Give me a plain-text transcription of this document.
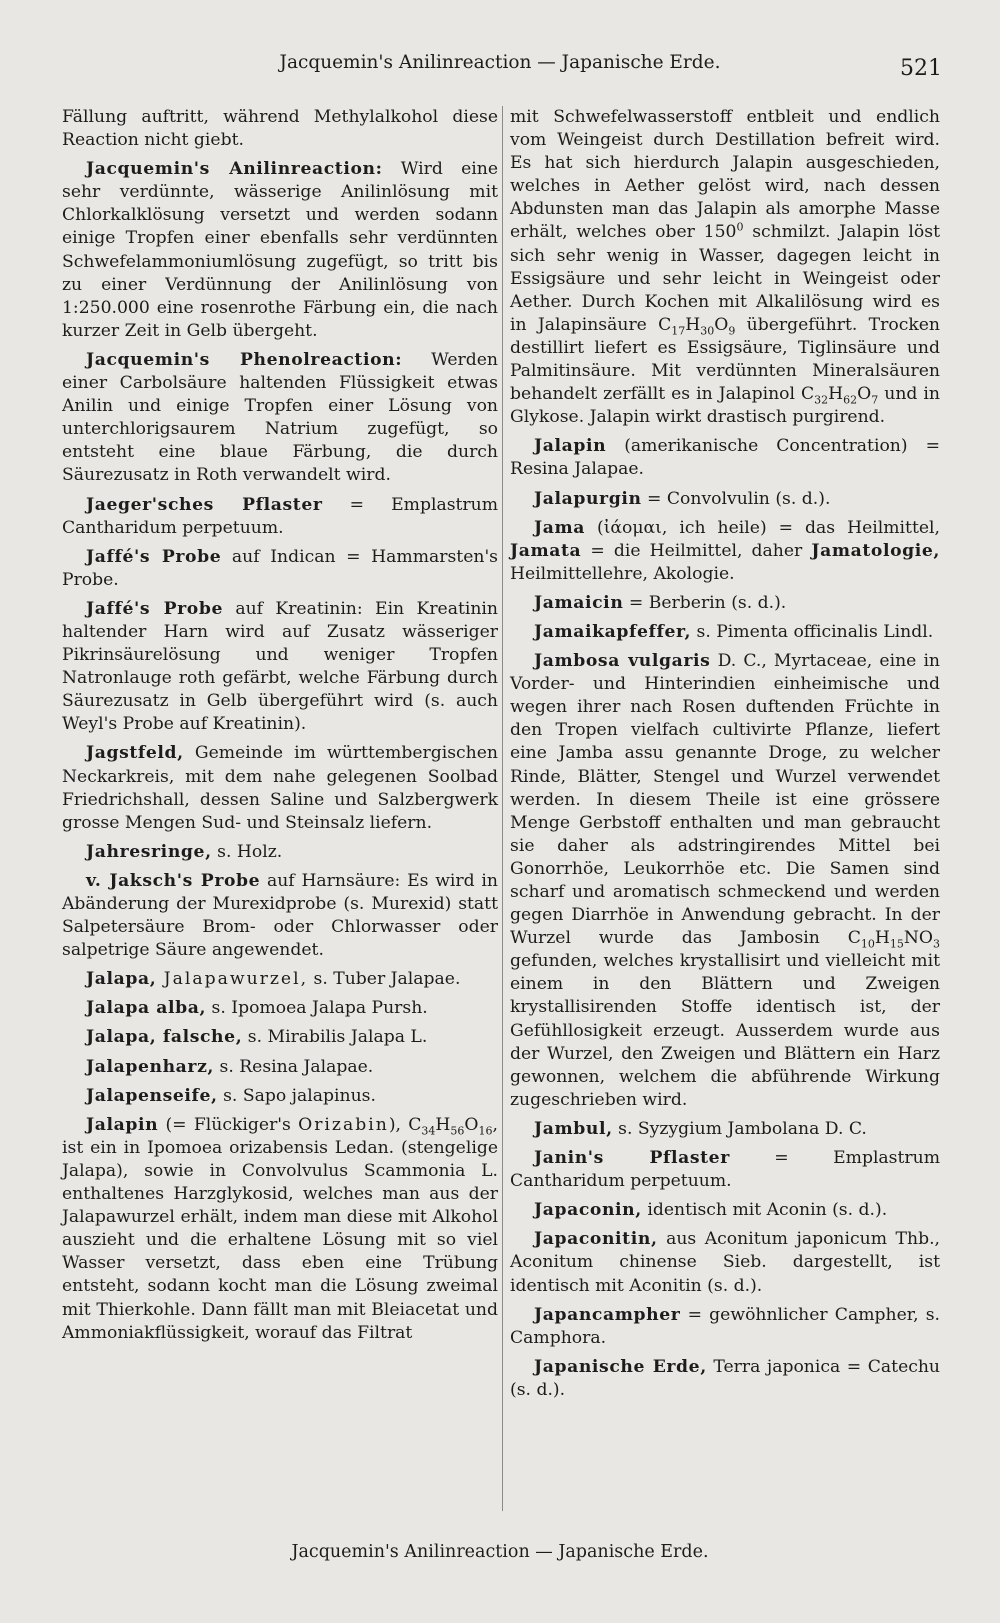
Jacquemin's Anilinreaction — Japanische Erde.	521

Fällung auftritt, während Methylalkohol diese Reaction nicht giebt.

Jacquemin's Anilinreaction: Wird eine sehr verdünnte, wässerige Anilinlösung mit Chlorkalklösung versetzt und werden sodann einige Tropfen einer ebenfalls sehr verdünnten Schwefelammoniumlösung zugefügt, so tritt bis zu einer Verdünnung der Anilinlösung von 1:250.000 eine rosenrothe Färbung ein, die nach kurzer Zeit in Gelb übergeht.

Jacquemin's Phenolreaction: Werden einer Carbolsäure haltenden Flüssigkeit etwas Anilin und einige Tropfen einer Lösung von unterchlorigsaurem Natrium zugefügt, so entsteht eine blaue Färbung, die durch Säurezusatz in Roth verwandelt wird.

Jaeger'sches Pflaster = Emplastrum Cantharidum perpetuum.

Jaffé's Probe auf Indican = Hammarsten's Probe.

Jaffé's Probe auf Kreatinin: Ein Kreatinin haltender Harn wird auf Zusatz wässeriger Pikrinsäurelösung und weniger Tropfen Natronlauge roth gefärbt, welche Färbung durch Säurezusatz in Gelb übergeführt wird (s. auch Weyl's Probe auf Kreatinin).

Jagstfeld, Gemeinde im württembergischen Neckarkreis, mit dem nahe gelegenen Soolbad Friedrichshall, dessen Saline und Salzbergwerk grosse Mengen Sud- und Steinsalz liefern.

Jahresringe, s. Holz.

v. Jaksch's Probe auf Harnsäure: Es wird in Abänderung der Murexidprobe (s. Murexid) statt Salpetersäure Brom- oder Chlorwasser oder salpetrige Säure angewendet.

Jalapa, Jalapawurzel, s. Tuber Jalapae.

Jalapa alba, s. Ipomoea Jalapa Pursh.

Jalapa, falsche, s. Mirabilis Jalapa L.

Jalapenharz, s. Resina Jalapae.

Jalapenseife, s. Sapo jalapinus.

Jalapin (= Flückiger's Orizabin), $C_{34}H_{56}O_{16}$, ist ein in Ipomoea orizabensis Ledan. (stengelige Jalapa), sowie in Convolvulus Scammonia L. enthaltenes Harzglykosid, welches man aus der Jalapawurzel erhält, indem man diese mit Alkohol auszieht und die erhaltene Lösung mit so viel Wasser versetzt, dass eben eine Trübung entsteht, sodann kocht man die Lösung zweimal mit Thierkohle. Dann fällt man mit Bleiacetat und Ammoniakflüssigkeit, worauf das Filtrat

mit Schwefelwasserstoff entbleit und endlich vom Weingeist durch Destillation befreit wird. Es hat sich hierdurch Jalapin ausgeschieden, welches in Aether gelöst wird, nach dessen Abdunsten man das Jalapin als amorphe Masse erhält, welches ober $150^0$ schmilzt. Jalapin löst sich sehr wenig in Wasser, dagegen leicht in Essigsäure und sehr leicht in Weingeist oder Aether. Durch Kochen mit Alkalilösung wird es in Jalapinsäure $C_{17}H_{30}O_9$ übergeführt. Trocken destillirt liefert es Essigsäure, Tiglinsäure und Palmitinsäure. Mit verdünnten Mineralsäuren behandelt zerfällt es in Jalapinol $C_{32}H_{62}O_7$ und in Glykose. Jalapin wirkt drastisch purgirend.

Jalapin (amerikanische Concentration) = Resina Jalapae.

Jalapurgin = Convolvulin (s. d.).

Jama (ἰάομαι, ich heile) = das Heilmittel, Jamata = die Heilmittel, daher Jamatologie, Heilmittellehre, Akologie.

Jamaicin = Berberin (s. d.).

Jamaikapfeffer, s. Pimenta officinalis Lindl.

Jambosa vulgaris D. C., Myrtaceae, eine in Vorder- und Hinterindien einheimische und wegen ihrer nach Rosen duftenden Früchte in den Tropen vielfach cultivirte Pflanze, liefert eine Jamba assu genannte Droge, zu welcher Rinde, Blätter, Stengel und Wurzel verwendet werden. In diesem Theile ist eine grössere Menge Gerbstoff enthalten und man gebraucht sie daher als adstringirendes Mittel bei Gonorrhöe, Leukorrhöe etc. Die Samen sind scharf und aromatisch schmeckend und werden gegen Diarrhöe in Anwendung gebracht. In der Wurzel wurde das Jambosin $C_{10}H_{15}NO_3$ gefunden, welches krystallisirt und vielleicht mit einem in den Blättern und Zweigen krystallisirenden Stoffe identisch ist, der Gefühllosigkeit erzeugt. Ausserdem wurde aus der Wurzel, den Zweigen und Blättern ein Harz gewonnen, welchem die abführende Wirkung zugeschrieben wird.

Jambul, s. Syzygium Jambolana D. C.

Janin's Pflaster = Emplastrum Cantharidum perpetuum.

Japaconin, identisch mit Aconin (s. d.).

Japaconitin, aus Aconitum japonicum Thb., Aconitum chinense Sieb. dargestellt, ist identisch mit Aconitin (s. d.).

Japancampher = gewöhnlicher Campher, s. Camphora.

Japanische Erde, Terra japonica = Catechu (s. d.).

Jacquemin's Anilinreaction — Japanische Erde.
